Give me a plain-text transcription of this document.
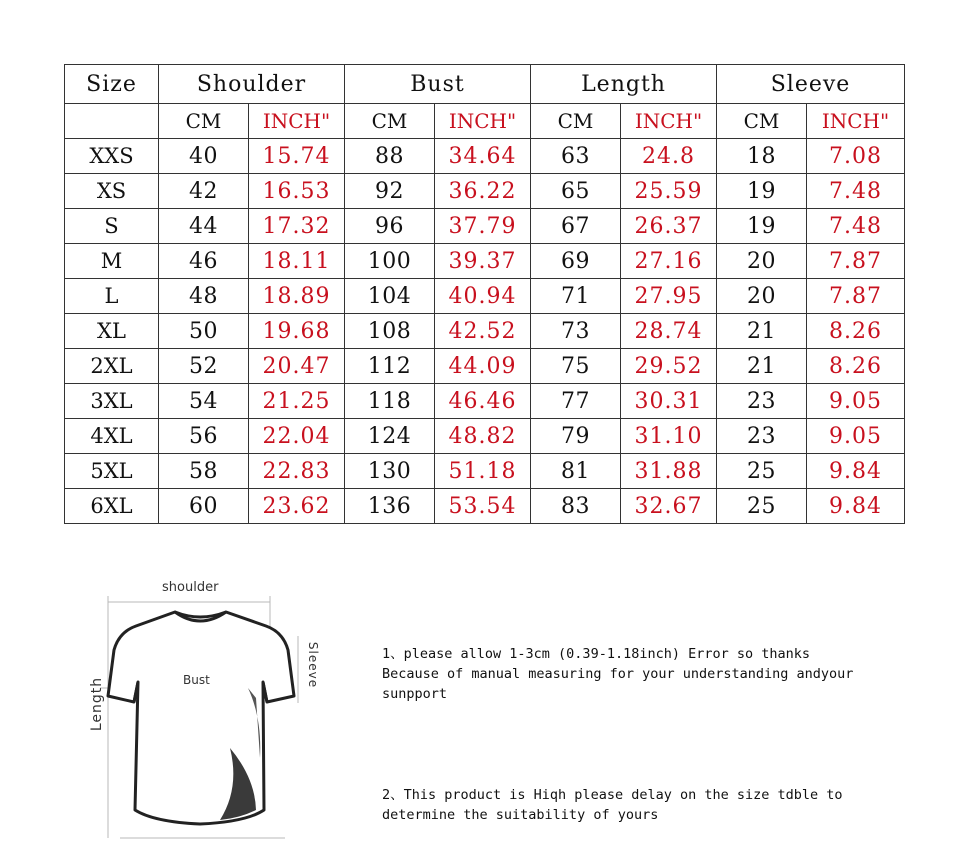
Size	Shoulder		Bust		Length		Sleeve	
	CM	INCH"	CM	INCH"	CM	INCH"	CM	INCH"
XXS	40	15.74	88	34.64	63	24.8	18	7.08
XS	42	16.53	92	36.22	65	25.59	19	7.48
S	44	17.32	96	37.79	67	26.37	19	7.48
M	46	18.11	100	39.37	69	27.16	20	7.87
L	48	18.89	104	40.94	71	27.95	20	7.87
XL	50	19.68	108	42.52	73	28.74	21	8.26
2XL	52	20.47	112	44.09	75	29.52	21	8.26
3XL	54	21.25	118	46.46	77	30.31	23	9.05
4XL	56	22.04	124	48.82	79	31.10	23	9.05
5XL	58	22.83	130	51.18	81	31.88	25	9.84
6XL	60	23.62	136	53.54	83	32.67	25	9.84
shoulder
Bust
Length
Sleeve	1、please allow 1-3cm (0.39-1.18inch) Error so thanks

Because of manual measuring for your understanding andyour

sunpport

2、This product is Hiqh please delay on the size tdble to

determine the suitability of yours
